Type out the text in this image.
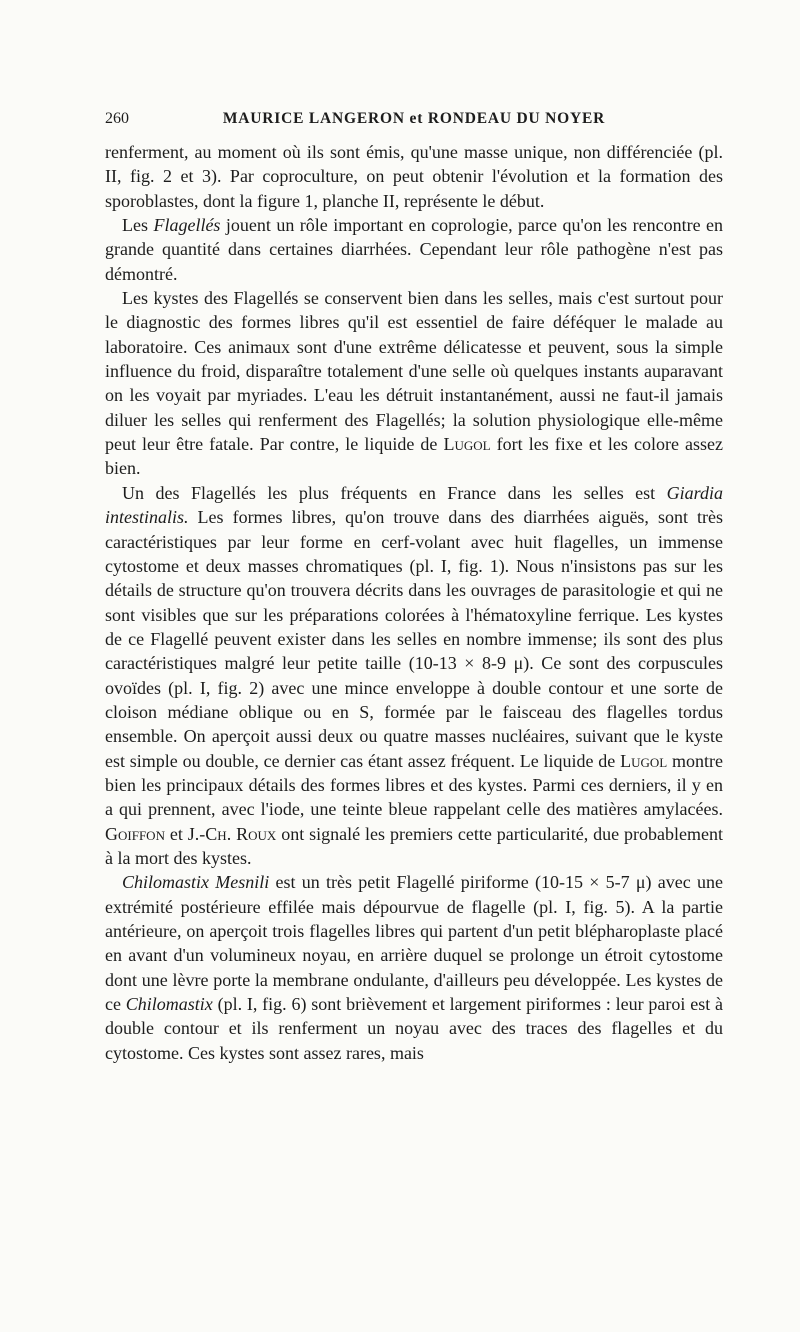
260	MAURICE LANGERON et RONDEAU DU NOYER

renferment, au moment où ils sont émis, qu'une masse unique, non différenciée (pl. II, fig. 2 et 3). Par coproculture, on peut obtenir l'évolution et la formation des sporoblastes, dont la figure 1, planche II, représente le début.

Les Flagellés jouent un rôle important en coprologie, parce qu'on les rencontre en grande quantité dans certaines diarrhées. Cependant leur rôle pathogène n'est pas démontré.

Les kystes des Flagellés se conservent bien dans les selles, mais c'est surtout pour le diagnostic des formes libres qu'il est essentiel de faire déféquer le malade au laboratoire. Ces animaux sont d'une extrême délicatesse et peuvent, sous la simple influence du froid, disparaître totalement d'une selle où quelques instants auparavant on les voyait par myriades. L'eau les détruit instantanément, aussi ne faut-il jamais diluer les selles qui renferment des Flagellés; la solution physiologique elle-même peut leur être fatale. Par contre, le liquide de Lugol fort les fixe et les colore assez bien.

Un des Flagellés les plus fréquents en France dans les selles est Giardia intestinalis. Les formes libres, qu'on trouve dans des diarrhées aiguës, sont très caractéristiques par leur forme en cerf-volant avec huit flagelles, un immense cytostome et deux masses chromatiques (pl. I, fig. 1). Nous n'insistons pas sur les détails de structure qu'on trouvera décrits dans les ouvrages de parasitologie et qui ne sont visibles que sur les préparations colorées à l'hématoxyline ferrique. Les kystes de ce Flagellé peuvent exister dans les selles en nombre immense; ils sont des plus caractéristiques malgré leur petite taille (10-13 × 8-9 μ). Ce sont des corpuscules ovoïdes (pl. I, fig. 2) avec une mince enveloppe à double contour et une sorte de cloison médiane oblique ou en S, formée par le faisceau des flagelles tordus ensemble. On aperçoit aussi deux ou quatre masses nucléaires, suivant que le kyste est simple ou double, ce dernier cas étant assez fréquent. Le liquide de Lugol montre bien les principaux détails des formes libres et des kystes. Parmi ces derniers, il y en a qui prennent, avec l'iode, une teinte bleue rappelant celle des matières amylacées. Goiffon et J.-Ch. Roux ont signalé les premiers cette particularité, due probablement à la mort des kystes.

Chilomastix Mesnili est un très petit Flagellé piriforme (10-15 × 5-7 μ) avec une extrémité postérieure effilée mais dépourvue de flagelle (pl. I, fig. 5). A la partie antérieure, on aperçoit trois flagelles libres qui partent d'un petit blépharoplaste placé en avant d'un volumineux noyau, en arrière duquel se prolonge un étroit cytostome dont une lèvre porte la membrane ondulante, d'ailleurs peu développée. Les kystes de ce Chilomastix (pl. I, fig. 6) sont brièvement et largement piriformes : leur paroi est à double contour et ils renferment un noyau avec des traces des flagelles et du cytostome. Ces kystes sont assez rares, mais
